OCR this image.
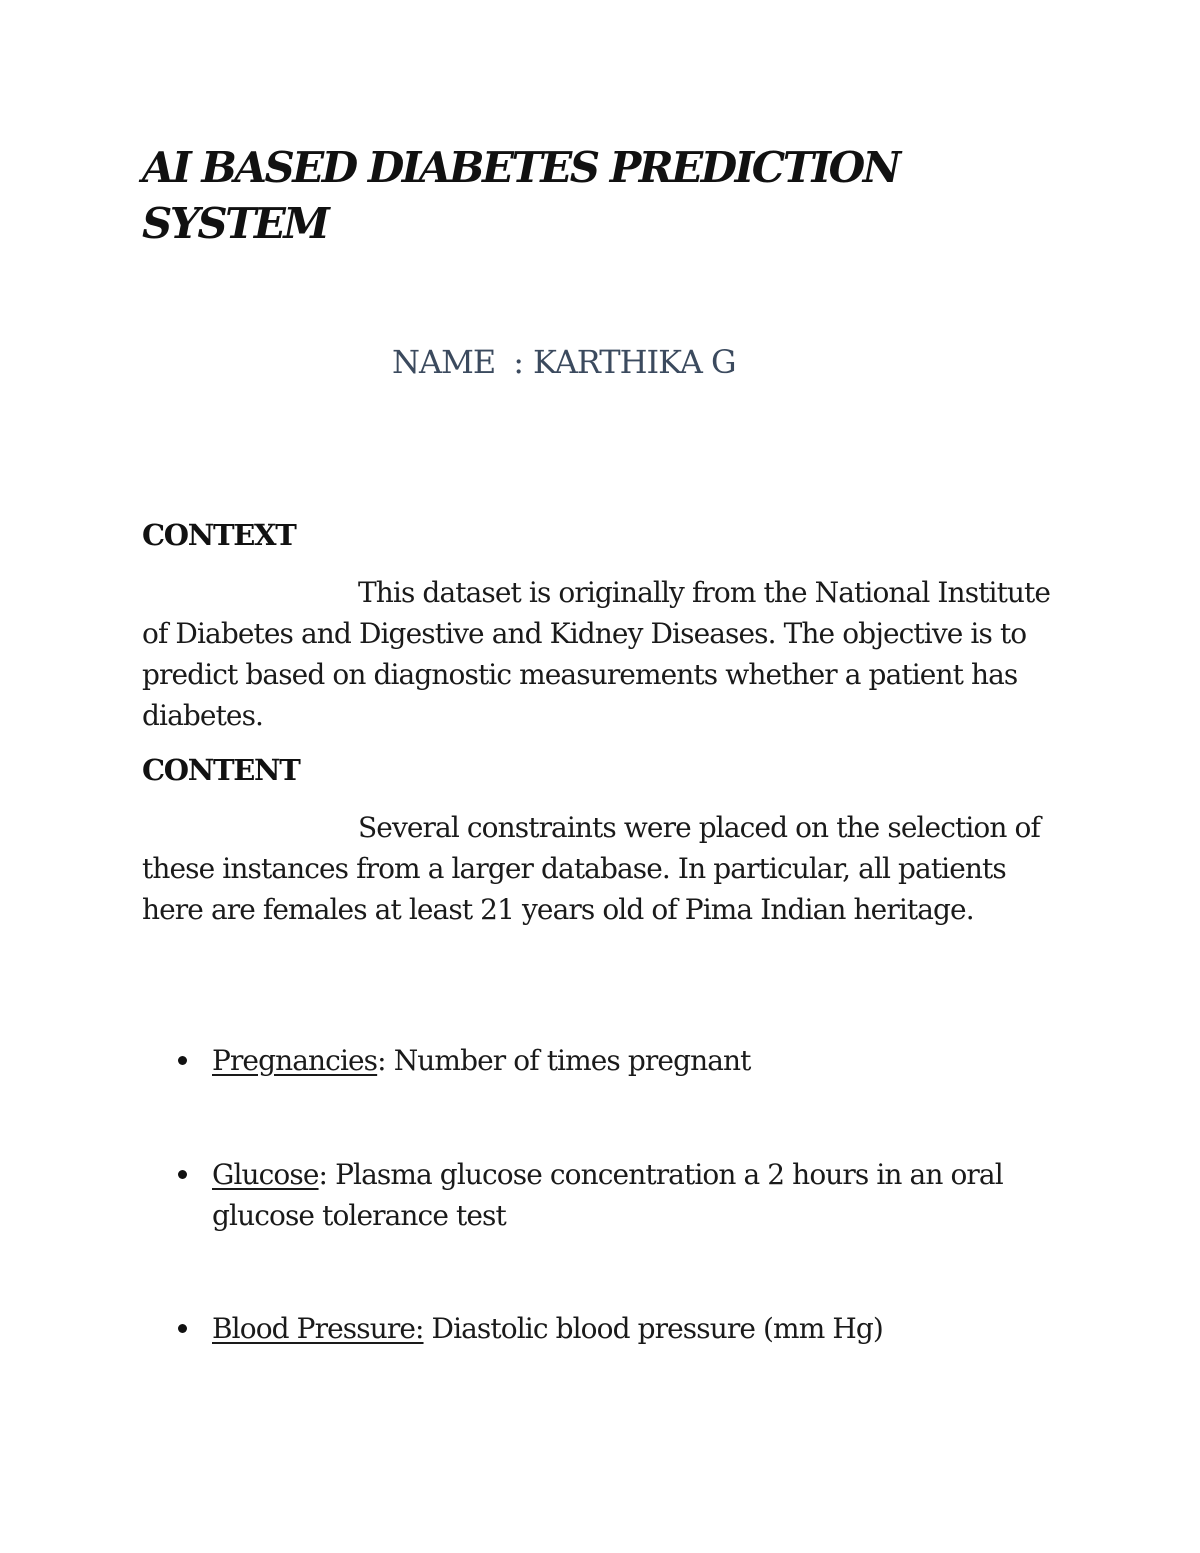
AI BASED DIABETES PREDICTION SYSTEM

NAME : KARTHIKA G

CONTEXT

This dataset is originally from the National Institute of Diabetes and Digestive and Kidney Diseases. The objective is to predict based on diagnostic measurements whether a patient has diabetes.

CONTENT

Several constraints were placed on the selection of these instances from a larger database. In particular, all patients here are females at least 21 years old of Pima Indian heritage.

Pregnancies: Number of times pregnant
Glucose: Plasma glucose concentration a 2 hours in an oral glucose tolerance test
Blood Pressure: Diastolic blood pressure (mm Hg)
